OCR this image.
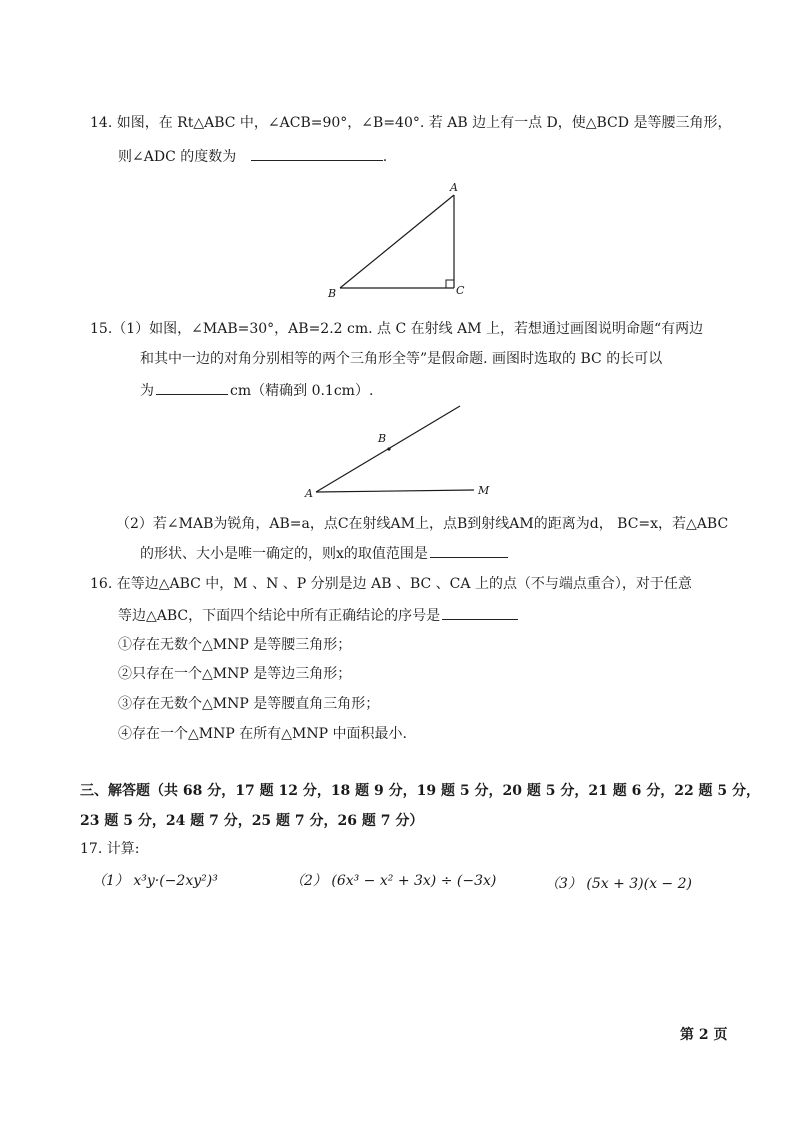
14. 如图，在 Rt△ABC 中，∠ACB=90°，∠B=40°. 若 AB 边上有一点 D，使△BCD 是等腰三角形，
则∠ADC 的度数为	.
A
B	C
15.（1）如图，∠MAB=30°，AB=2.2 cm. 点 C 在射线 AM 上，若想通过画图说明命题“有两边
和其中一边的对角分别相等的两个三角形全等”是假命题. 画图时选取的 BC 的长可以
为	cm（精确到 0.1cm）.
A
B
M
（2）若∠MAB为锐角，AB=a，点C在射线AM上，点B到射线AM的距离为d， BC=x，若△ABC
的形状、大小是唯一确定的，则x的取值范围是
16. 在等边△ABC 中，M 、N 、P 分别是边 AB 、BC 、CA 上的点（不与端点重合），对于任意
等边△ABC，下面四个结论中所有正确结论的序号是
①存在无数个△MNP 是等腰三角形；
②只存在一个△MNP 是等边三角形；
③存在无数个△MNP 是等腰直角三角形；
④存在一个△MNP 在所有△MNP 中面积最小.
三、解答题（共 68 分，17 题 12 分，18 题 9 分，19 题 5 分，20 题 5 分，21 题 6 分，22 题 5 分，
23 题 5 分，24 题 7 分，25 题 7 分，26 题 7 分）
17. 计算:
（1） x³y·(−2xy²)³	（2） (6x³ − x² + 3x) ÷ (−3x)	（3） (5x + 3)(x − 2)
第 2 页
